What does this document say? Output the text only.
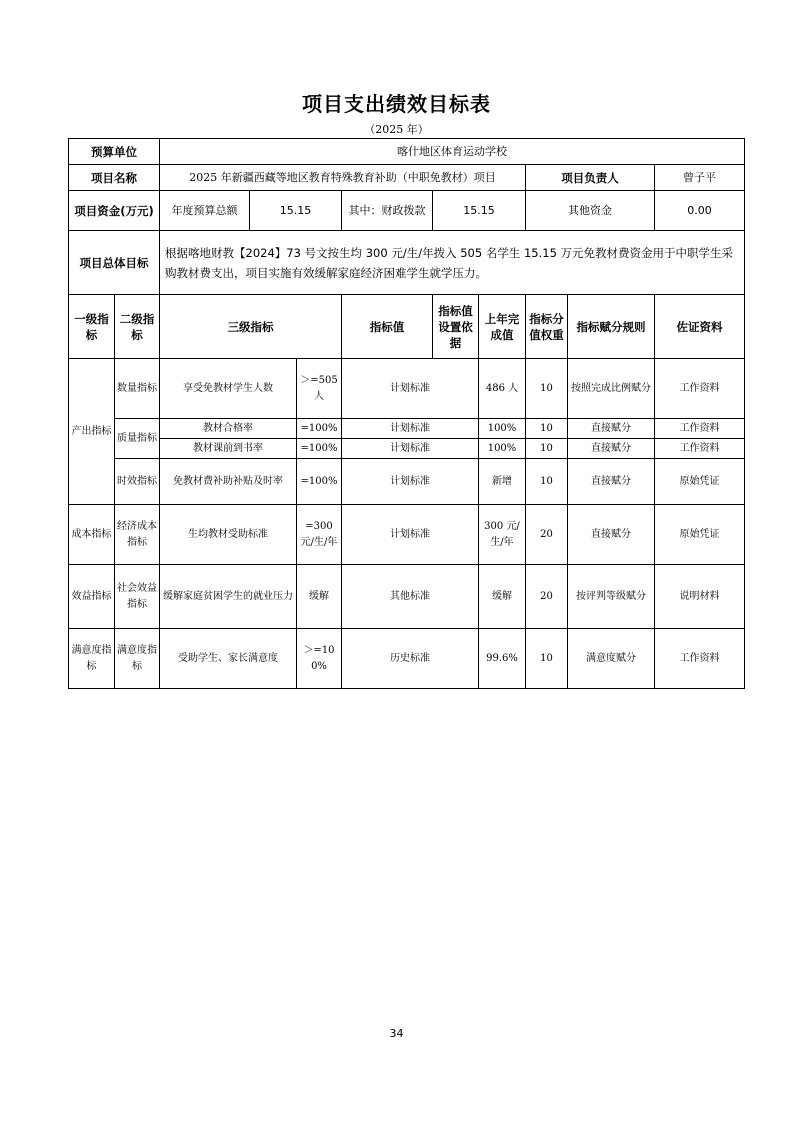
项目支出绩效目标表
（2025 年）
预算单位		喀什地区体育运动学校								
项目名称		2025 年新疆西藏等地区教育特殊教育补助（中职免教材）项目						项目负责人		曾子平
项目资金(万元)		年度预算总额	15.15		其中：财政拨款	15.15		其他资金		0.00
项目总体目标		根据喀地财教【2024】73 号文按生均 300 元/生/年拨入 505 名学生 15.15 万元免教材费资金用于中职学生采购教材费支出，项目实施有效缓解家庭经济困难学生就学压力。								
一级指标	二级指标	三级指标			指标值	指标值设置依据	上年完成值	指标分值权重	指标赋分规则	佐证资料
产出指标	数量指标	享受免教材学生人数		＞=505人	计划标准		486 人	10	按照完成比例赋分	工作资料
	质量指标	教材合格率		=100%	计划标准		100%	10	直接赋分	工作资料
		教材课前到书率		=100%	计划标准		100%	10	直接赋分	工作资料
	时效指标	免教材费补助补贴及时率		=100%	计划标准		新增	10	直接赋分	原始凭证
成本指标	经济成本指标	生均教材受助标准		=300元/生/年	计划标准		300 元/生/年	20	直接赋分	原始凭证
效益指标	社会效益指标	缓解家庭贫困学生的就业压力		缓解	其他标准		缓解	20	按评判等级赋分	说明材料
满意度指标	满意度指标	受助学生、家长满意度		＞=100%	历史标准		99.6%	10	满意度赋分	工作资料
34
